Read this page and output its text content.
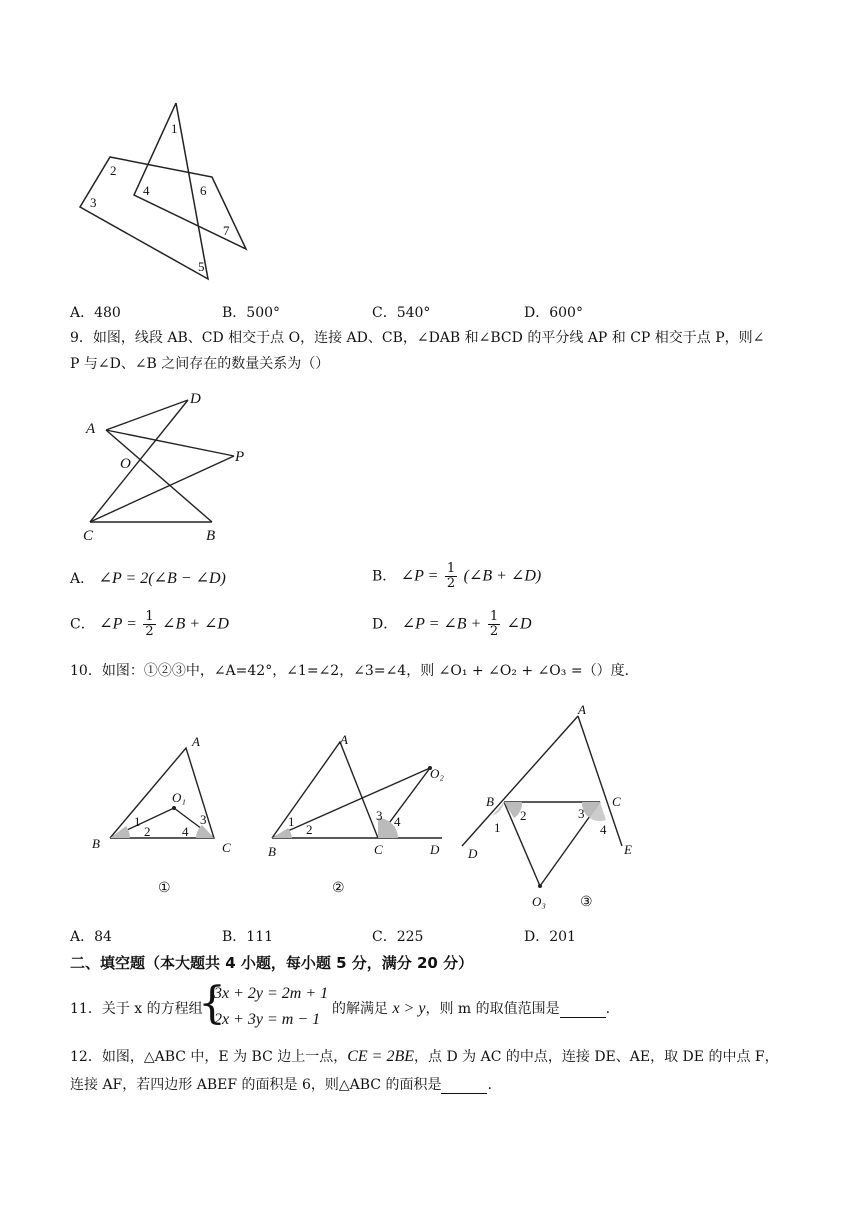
1
2
3
4
5
6
7
A．480	B．500°	C．540°	D．600°
9．如图，线段 AB、CD 相交于点 O，连接 AD、CB，∠DAB 和∠BCD 的平分线 AP 和 CP 相交于点 P，则∠
P 与∠D、∠B 之间存在的数量关系为（）
A
D
O	P
C	B
A． ∠P = 2(∠B − ∠D)	B． ∠P = $\frac{1}{2}$ (∠B + ∠D)
C． ∠P = $\frac{1}{2}$ ∠B + ∠D	D． ∠P = ∠B + $\frac{1}{2}$ ∠D
10．如图：①②③中，∠A=42°，∠1=∠2，∠3=∠4，则 ∠O₁ + ∠O₂ + ∠O₃ =（）度.
A
B	C
O₁
1
2
3
4
①
A
B	C	D
O₂
1
2
3 4
②
A
B	C
D	E
O₃
1
2	3
4
③
A．84	B．111	C．225	D．201
二、填空题（本大题共 4 小题，每小题 5 分，满分 20 分）
11．关于 x 的方程组
{
3x + 2y = 2m + 1
2x + 3y = m − 1
的解满足 x > y，则 m 的取值范围是	.
12．如图，△ABC 中，E 为 BC 边上一点，CE = 2BE，点 D 为 AC 的中点，连接 DE、AE，取 DE 的中点 F，
连接 AF，若四边形 ABEF 的面积是 6，则△ABC 的面积是	.
